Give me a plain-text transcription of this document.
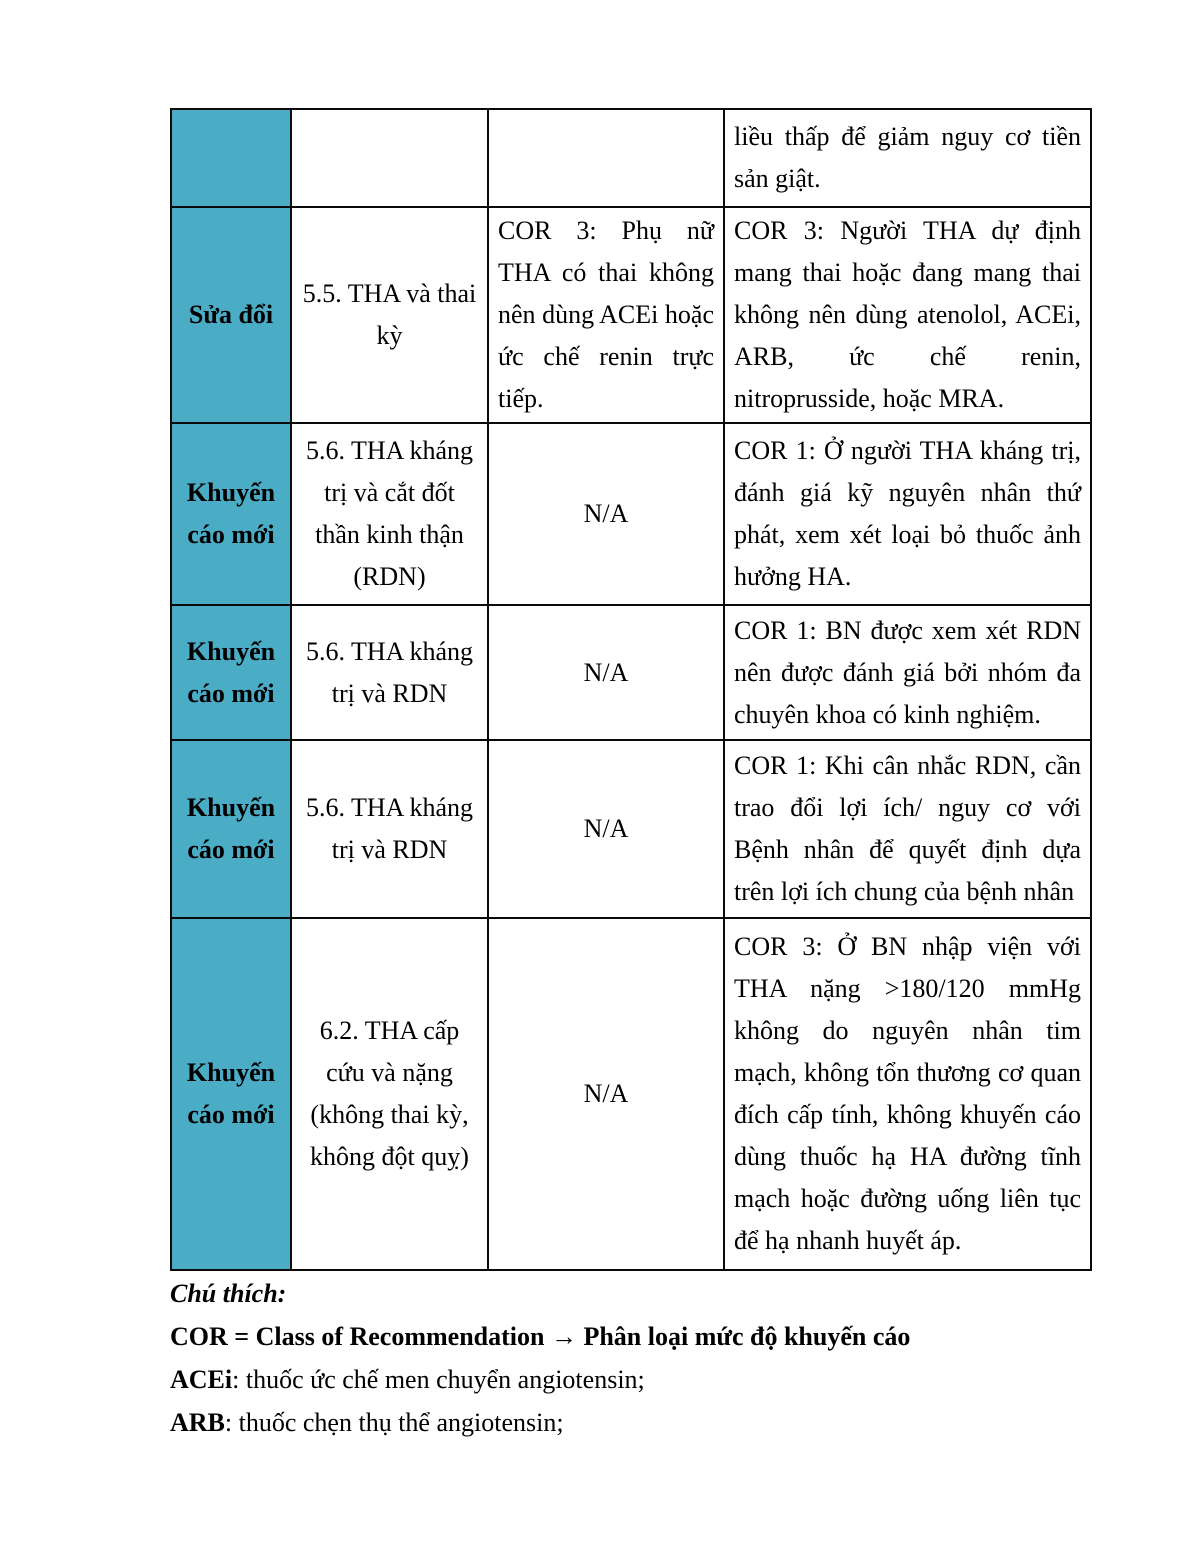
			liều thấp để giảm nguy cơ tiền sản giật.
Sửa đổi	5.5. THA và thai kỳ	COR 3: Phụ nữ THA có thai không nên dùng ACEi hoặc ức chế renin trực tiếp.	COR 3: Người THA dự định mang thai hoặc đang mang thai không nên dùng atenolol, ACEi, ARB, ức chế renin, nitroprusside, hoặc MRA.
Khuyến cáo mới	5.6. THA kháng trị và cắt đốt thần kinh thận (RDN)	N/A	COR 1: Ở người THA kháng trị, đánh giá kỹ nguyên nhân thứ phát, xem xét loại bỏ thuốc ảnh hưởng HA.
Khuyến cáo mới	5.6. THA kháng trị và RDN	N/A	COR 1: BN được xem xét RDN nên được đánh giá bởi nhóm đa chuyên khoa có kinh nghiệm.
Khuyến cáo mới	5.6. THA kháng trị và RDN	N/A	COR 1: Khi cân nhắc RDN, cần trao đổi lợi ích/ nguy cơ với Bệnh nhân để quyết định dựa trên lợi ích chung của bệnh nhân
Khuyến cáo mới	6.2. THA cấp cứu và nặng (không thai kỳ, không đột quỵ)	N/A	COR 3: Ở BN nhập viện với THA nặng >180/120 mmHg không do nguyên nhân tim mạch, không tổn thương cơ quan đích cấp tính, không khuyến cáo dùng thuốc hạ HA đường tĩnh mạch hoặc đường uống liên tục để hạ nhanh huyết áp.
Chú thích:
COR = Class of Recommendation → Phân loại mức độ khuyến cáo
ACEi: thuốc ức chế men chuyển angiotensin;
ARB: thuốc chẹn thụ thể angiotensin;
